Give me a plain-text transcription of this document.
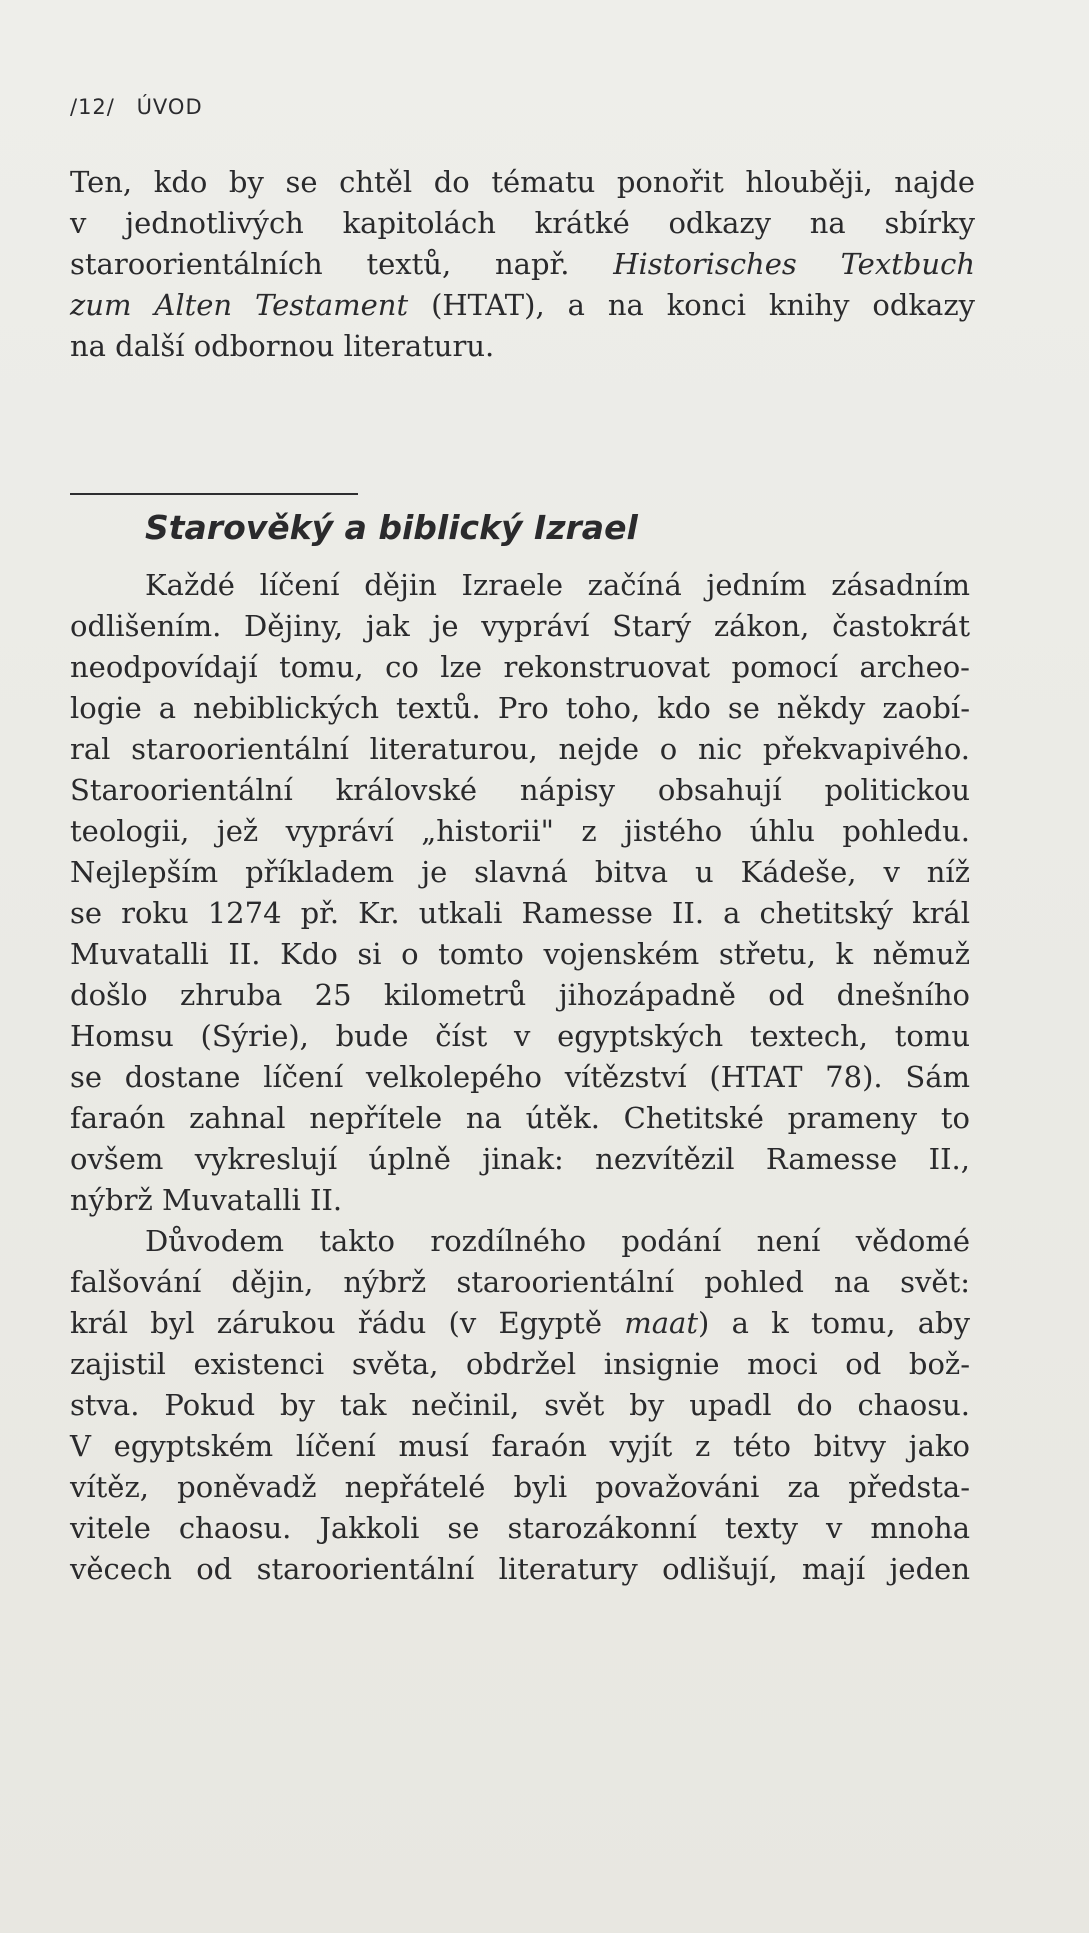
/12/ ÚVOD
Ten, kdo by se chtěl do tématu ponořit hlouběji, najde
v jednotlivých kapitolách krátké odkazy na sbírky
staroorientálních textů, např. Historisches Textbuch
zum Alten Testament (HTAT), a na konci knihy odkazy
na další odbornou literaturu.
Starověký a biblický Izrael
Každé líčení dějin Izraele začíná jedním zásadním
odlišením. Dějiny, jak je vypráví Starý zákon, častokrát
neodpovídají tomu, co lze rekonstruovat pomocí archeo-
logie a nebiblických textů. Pro toho, kdo se někdy zaobí-
ral staroorientální literaturou, nejde o nic překvapivého.
Staroorientální královské nápisy obsahují politickou
teologii, jež vypráví „historii" z jistého úhlu pohledu.
Nejlepším příkladem je slavná bitva u Kádeše, v níž
se roku 1274 př. Kr. utkali Ramesse II. a chetitský král
Muvatalli II. Kdo si o tomto vojenském střetu, k němuž
došlo zhruba 25 kilometrů jihozápadně od dnešního
Homsu (Sýrie), bude číst v egyptských textech, tomu
se dostane líčení velkolepého vítězství (HTAT 78). Sám
faraón zahnal nepřítele na útěk. Chetitské prameny to
ovšem vykreslují úplně jinak: nezvítězil Ramesse II.,
nýbrž Muvatalli II.
Důvodem takto rozdílného podání není vědomé
falšování dějin, nýbrž staroorientální pohled na svět:
král byl zárukou řádu (v Egyptě maat) a k tomu, aby
zajistil existenci světa, obdržel insignie moci od bož-
stva. Pokud by tak nečinil, svět by upadl do chaosu.
V egyptském líčení musí faraón vyjít z této bitvy jako
vítěz, poněvadž nepřátelé byli považováni za předsta-
vitele chaosu. Jakkoli se starozákonní texty v mnoha
věcech od staroorientální literatury odlišují, mají jeden
